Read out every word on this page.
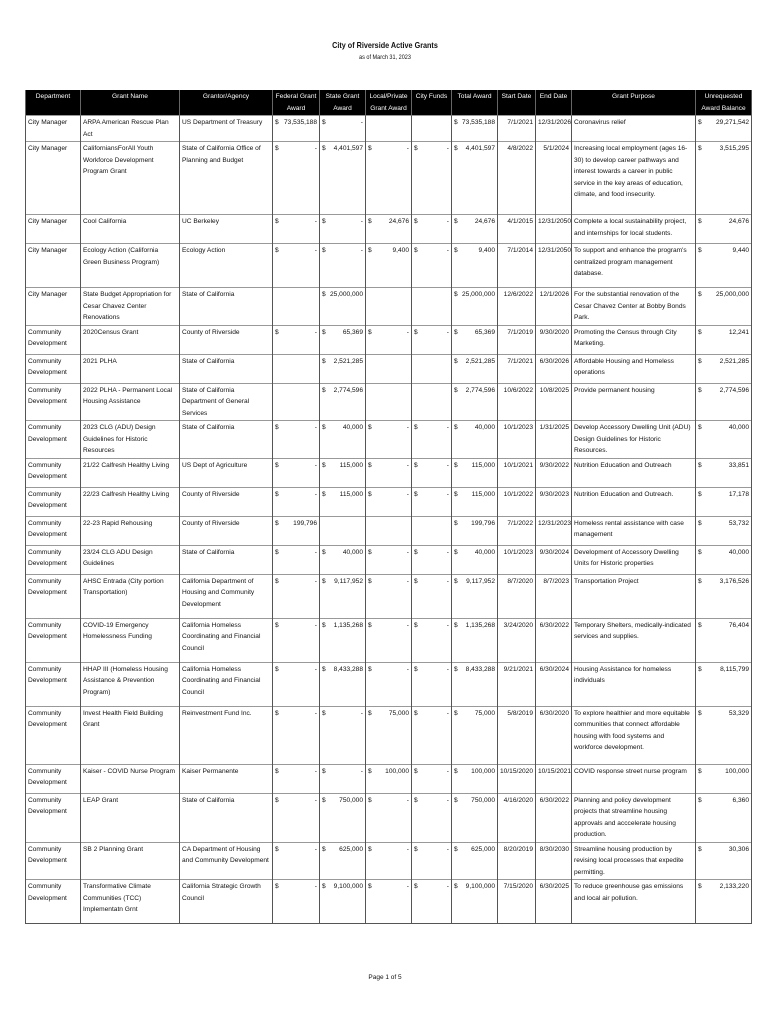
City of Riverside Active Grants
as of March 31, 2023
Department	Grant Name	Grantor/Agency	Federal Grant Award	State Grant Award	Local/Private Grant Award	City Funds	Total Award	Start Date	End Date	Grant Purpose	Unrequested Award Balance
City Manager	ARPA American Rescue Plan Act	US Department of Treasury	$ 73,535,188	$ -			$ 73,535,188	7/1/2021	12/31/2026	Coronavirus relief	$ 29,271,542

City Manager	CaliforniansForAll Youth Workforce Development Program Grant	State of California Office of Planning and Budget	$ -	$ 4,401,597	$ -	$ -	$ 4,401,597	4/8/2022	5/1/2024	Increasing local employment (ages 16-30) to develop career pathways and interest towards a career in public service in the key areas of education, climate, and food insecurity.	$ 3,515,295

City Manager	Cool California	UC Berkeley	$ -	$ -	$ 24,676	$ -	$ 24,676	4/1/2015	12/31/2050	Complete a local sustainability project, and internships for local students.	$ 24,676

City Manager	Ecology Action (California Green Business Program)	Ecology Action	$ -	$ -	$ 9,400	$ -	$ 9,400	7/1/2014	12/31/2050	To support and enhance the program's centralized program management database.	$ 9,440

City Manager	State Budget Appropriation for Cesar Chavez Center Renovations	State of California		$ 25,000,000			$ 25,000,000	12/6/2022	12/1/2026	For the substantial renovation of the Cesar Chavez Center at Bobby Bonds Park.	$ 25,000,000

Community Development	2020Census Grant	County of Riverside	$ -	$ 65,369	$ -	$ -	$ 65,369	7/1/2019	9/30/2020	Promoting the Census through City Marketing.	$ 12,241

Community Development	2021 PLHA	State of California		$ 2,521,285			$ 2,521,285	7/1/2021	6/30/2026	Affordable Housing and Homeless operations	$ 2,521,285

Community Development	2022 PLHA - Permanent Local Housing Assistance	State of California Department of General Services		$ 2,774,596			$ 2,774,596	10/6/2022	10/8/2025	Provide permanent housing	$ 2,774,596

Community Development	2023 CLG (ADU) Design Guidelines for Historic Resources	State of California	$ -	$ 40,000	$ -	$ -	$ 40,000	10/1/2023	1/31/2025	Develop Accessory Dwelling Unit (ADU) Design Guidelines for Historic Resources.	$ 40,000

Community Development	21/22 Calfresh Healthy Living	US Dept of Agriculture	$ -	$ 115,000	$ -	$ -	$ 115,000	10/1/2021	9/30/2022	Nutrition Education and Outreach	$ 33,851

Community Development	22/23 Calfresh Healthy Living	County of Riverside	$ -	$ 115,000	$ -	$ -	$ 115,000	10/1/2022	9/30/2023	Nutrition Education and Outreach.	$ 17,178

Community Development	22-23 Rapid Rehousing	County of Riverside	$ 199,796				$ 199,796	7/1/2022	12/31/2023	Homeless rental assistance with case management	$ 53,732

Community Development	23/24 CLG ADU Design Guidelines	State of California	$ -	$ 40,000	$ -	$ -	$ 40,000	10/1/2023	9/30/2024	Development of Accessory Dwelling Units for Historic properties	$ 40,000

Community Development	AHSC Entrada (City portion Transportation)	California Department of Housing and Community Development	$ -	$ 9,117,952	$ -	$ -	$ 9,117,952	8/7/2020	8/7/2023	Transportation Project	$ 3,176,526

Community Development	COVID-19 Emergency Homelessness Funding	California Homeless Coordinating and Financial Council	$ -	$ 1,135,268	$ -	$ -	$ 1,135,268	3/24/2020	6/30/2022	Temporary Shelters, medically-indicated services and supplies.	$ 76,404

Community Development	HHAP III (Homeless Housing Assistance & Prevention Program)	California Homeless Coordinating and Financial Council	$ -	$ 8,433,288	$ -	$ -	$ 8,433,288	9/21/2021	6/30/2024	Housing Assistance for homeless individuals	$ 8,115,799

Community Development	Invest Health Field Building Grant	Reinvestment Fund Inc.	$ -	$ -	$ 75,000	$ -	$ 75,000	5/8/2019	6/30/2020	To explore healthier and more equitable communities that connect affordable housing with food systems and workforce development.	$ 53,329

Community Development	Kaiser - COVID Nurse Program	Kaiser Permanente	$ -	$ -	$ 100,000	$ -	$ 100,000	10/15/2020	10/15/2021	COVID response street nurse program	$ 100,000

Community Development	LEAP Grant	State of California	$ -	$ 750,000	$ -	$ -	$ 750,000	4/16/2020	6/30/2022	Planning and policy development projects that streamline housing approvals and acccelerate housing production.	$ 6,360

Community Development	SB 2 Planning Grant	CA Department of Housing and Community Development	$ -	$ 625,000	$ -	$ -	$ 625,000	8/20/2019	8/30/2030	Streamline housing production by revising local processes that expedite permitting.	$ 30,306

Community Development	Transformative Climate Communities (TCC) Implementatn Grnt	California Strategic Growth Council	$ -	$ 9,100,000	$ -	$ -	$ 9,100,000	7/15/2020	6/30/2025	To reduce greenhouse gas emissions and local air pollution.	$ 2,133,220
Page 1 of 5
